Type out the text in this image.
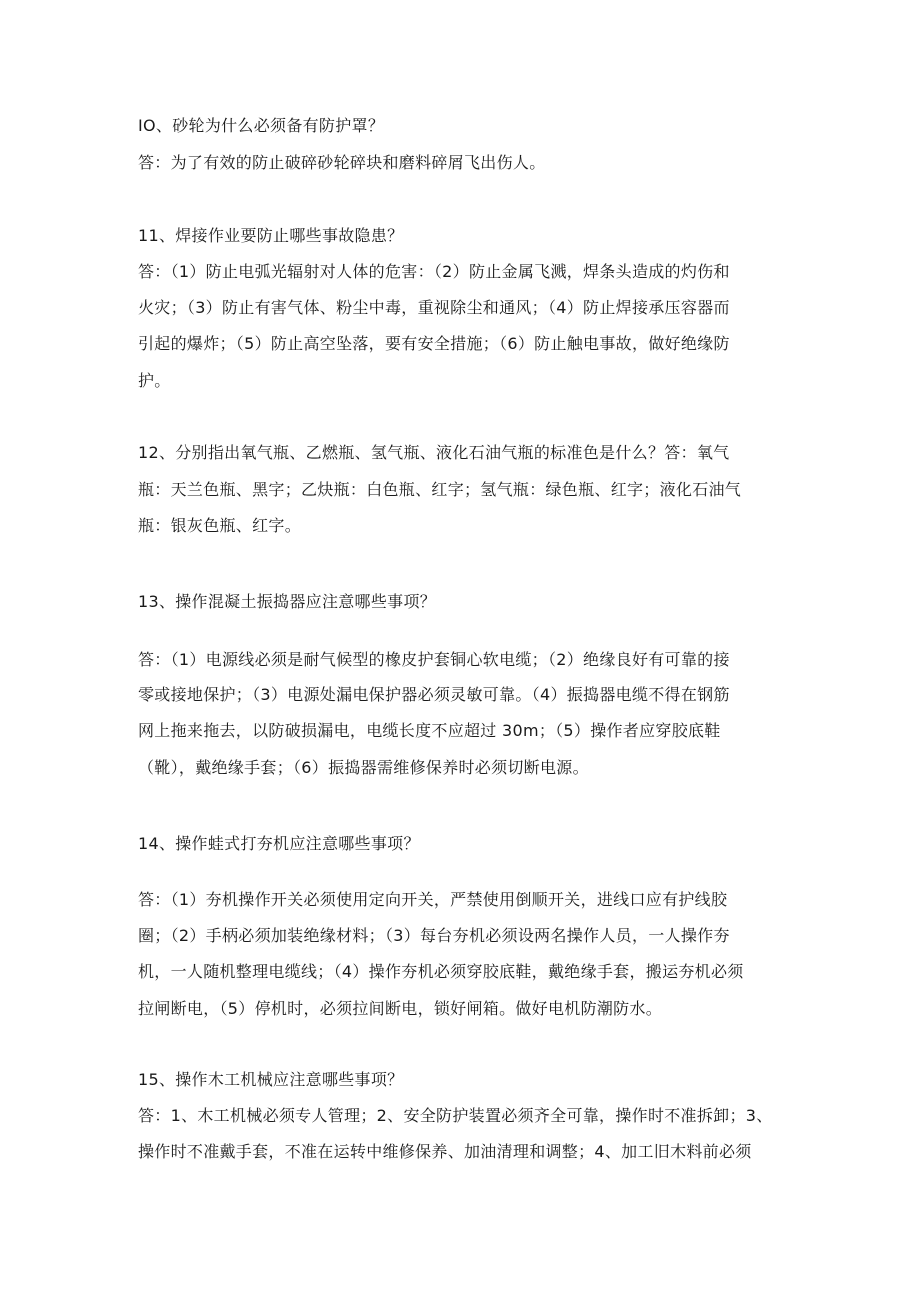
IO、砂轮为什么必须备有防护罩？
答：为了有效的防止破碎砂轮碎块和磨料碎屑飞出伤人。
11、焊接作业要防止哪些事故隐患？
答：（1）防止电弧光辐射对人体的危害：（2）防止金属飞溅，焊条头造成的灼伤和
火灾；（3）防止有害气体、粉尘中毒，重视除尘和通风；（4）防止焊接承压容器而
引起的爆炸；（5）防止高空坠落，要有安全措施；（6）防止触电事故，做好绝缘防
护。
12、分别指出氧气瓶、乙燃瓶、氢气瓶、液化石油气瓶的标准色是什么？答：氧气
瓶：天兰色瓶、黑字；乙炔瓶：白色瓶、红字；氢气瓶：绿色瓶、红字；液化石油气
瓶：银灰色瓶、红字。
13、操作混凝土振捣器应注意哪些事项？
答：（1）电源线必须是耐气候型的橡皮护套铜心软电缆；（2）绝缘良好有可靠的接
零或接地保护；（3）电源处漏电保护器必须灵敏可靠。（4）振捣器电缆不得在钢筋
网上拖来拖去，以防破损漏电，电缆长度不应超过 30m；（5）操作者应穿胶底鞋
（靴），戴绝缘手套；（6）振捣器需维修保养时必须切断电源。
14、操作蛙式打夯机应注意哪些事项？
答：（1）夯机操作开关必须使用定向开关，严禁使用倒顺开关，进线口应有护线胶
圈；（2）手柄必须加装绝缘材料；（3）每台夯机必须设两名操作人员，一人操作夯
机，一人随机整理电缆线；（4）操作夯机必须穿胶底鞋，戴绝缘手套，搬运夯机必须
拉闸断电，（5）停机时，必须拉间断电，锁好闸箱。做好电机防潮防水。
15、操作木工机械应注意哪些事项？
答：1、木工机械必须专人管理；2、安全防护装置必须齐全可靠，操作时不准拆卸；3、
操作时不准戴手套，不准在运转中维修保养、加油清理和调整；4、加工旧木料前必须
